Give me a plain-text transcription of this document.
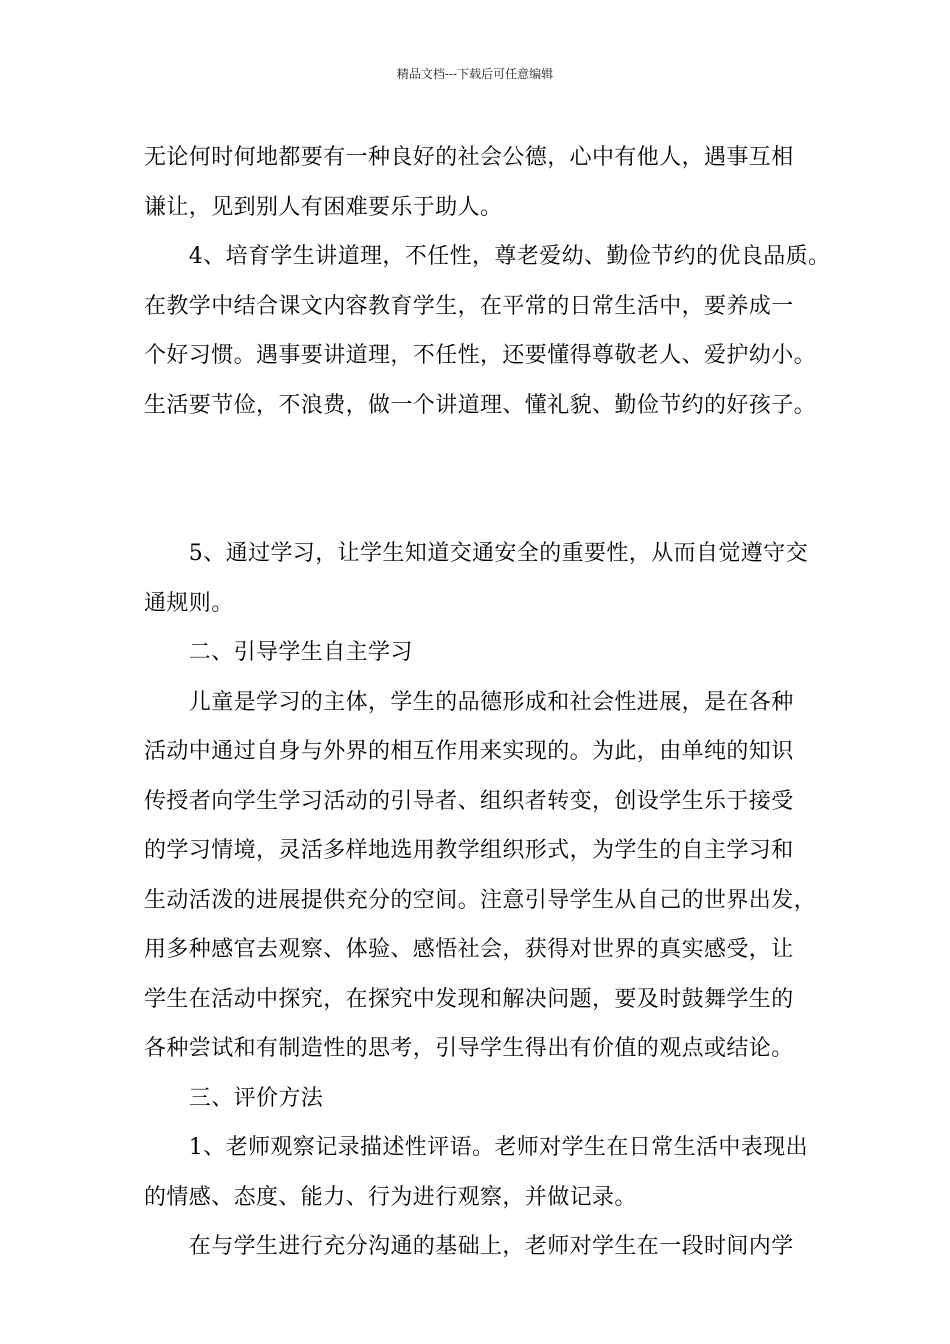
精品文档---下载后可任意编辑
无论何时何地都要有一种良好的社会公德，心中有他人，遇事互相
谦让，见到别人有困难要乐于助人。
　　4、培育学生讲道理，不任性，尊老爱幼、勤俭节约的优良品质。
在教学中结合课文内容教育学生，在平常的日常生活中，要养成一
个好习惯。遇事要讲道理，不任性，还要懂得尊敬老人、爱护幼小。
生活要节俭，不浪费，做一个讲道理、懂礼貌、勤俭节约的好孩子。
　　5、通过学习，让学生知道交通安全的重要性，从而自觉遵守交
通规则。
　　二、引导学生自主学习
　　儿童是学习的主体，学生的品德形成和社会性进展，是在各种
活动中通过自身与外界的相互作用来实现的。为此，由单纯的知识
传授者向学生学习活动的引导者、组织者转变，创设学生乐于接受
的学习情境，灵活多样地选用教学组织形式，为学生的自主学习和
生动活泼的进展提供充分的空间。注意引导学生从自己的世界出发，
用多种感官去观察、体验、感悟社会，获得对世界的真实感受，让
学生在活动中探究，在探究中发现和解决问题，要及时鼓舞学生的
各种尝试和有制造性的思考，引导学生得出有价值的观点或结论。
　　三、评价方法
　　1、老师观察记录描述性评语。老师对学生在日常生活中表现出
的情感、态度、能力、行为进行观察，并做记录。
　　在与学生进行充分沟通的基础上，老师对学生在一段时间内学
